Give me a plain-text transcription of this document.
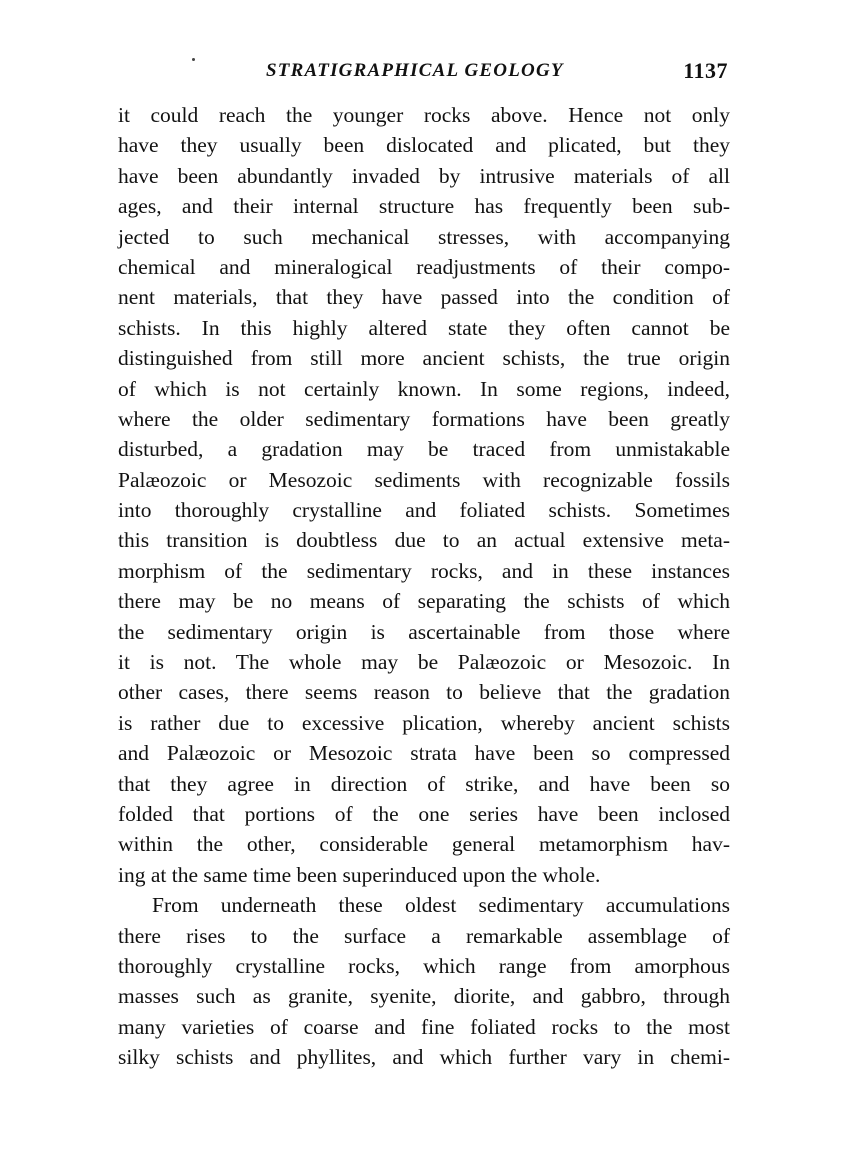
STRATIGRAPHICAL GEOLOGY	1137
it could reach the younger rocks above. Hence not only
have they usually been dislocated and plicated, but they
have been abundantly invaded by intrusive materials of all
ages, and their internal structure has frequently been sub-
jected to such mechanical stresses, with accompanying
chemical and mineralogical readjustments of their compo-
nent materials, that they have passed into the condition of
schists. In this highly altered state they often cannot be
distinguished from still more ancient schists, the true origin
of which is not certainly known. In some regions, indeed,
where the older sedimentary formations have been greatly
disturbed, a gradation may be traced from unmistakable
Palæozoic or Mesozoic sediments with recognizable fossils
into thoroughly crystalline and foliated schists. Sometimes
this transition is doubtless due to an actual extensive meta-
morphism of the sedimentary rocks, and in these instances
there may be no means of separating the schists of which
the sedimentary origin is ascertainable from those where
it is not. The whole may be Palæozoic or Mesozoic. In
other cases, there seems reason to believe that the gradation
is rather due to excessive plication, whereby ancient schists
and Palæozoic or Mesozoic strata have been so compressed
that they agree in direction of strike, and have been so
folded that portions of the one series have been inclosed
within the other, considerable general metamorphism hav-
ing at the same time been superinduced upon the whole.
From underneath these oldest sedimentary accumulations
there rises to the surface a remarkable assemblage of
thoroughly crystalline rocks, which range from amorphous
masses such as granite, syenite, diorite, and gabbro, through
many varieties of coarse and fine foliated rocks to the most
silky schists and phyllites, and which further vary in chemi-
